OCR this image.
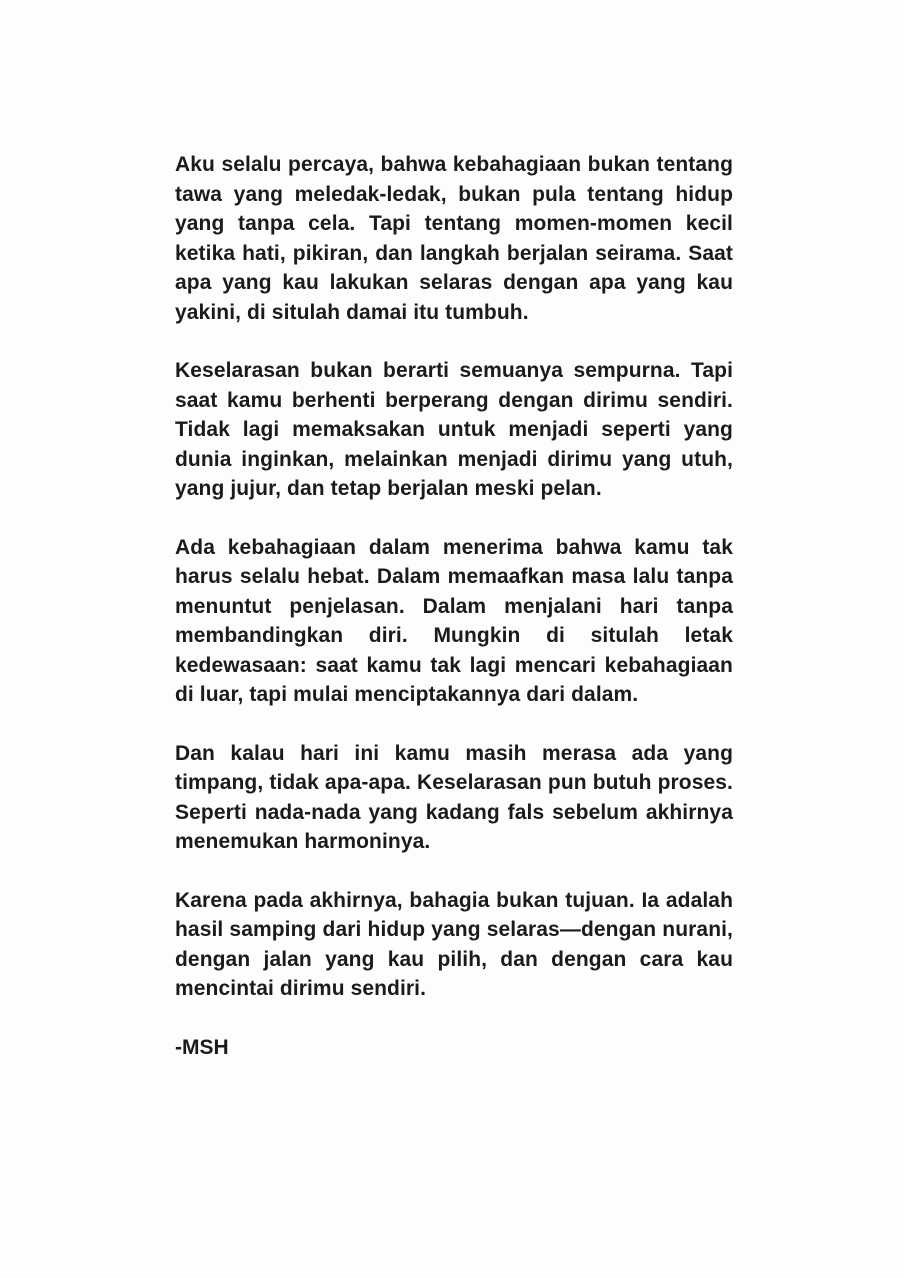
Aku selalu percaya, bahwa kebahagiaan bukan tentang tawa yang meledak-ledak, bukan pula tentang hidup yang tanpa cela. Tapi tentang momen-momen kecil ketika hati, pikiran, dan langkah berjalan seirama. Saat apa yang kau lakukan selaras dengan apa yang kau yakini, di situlah damai itu tumbuh.

Keselarasan bukan berarti semuanya sempurna. Tapi saat kamu berhenti berperang dengan dirimu sendiri. Tidak lagi memaksakan untuk menjadi seperti yang dunia inginkan, melainkan menjadi dirimu yang utuh, yang jujur, dan tetap berjalan meski pelan.

Ada kebahagiaan dalam menerima bahwa kamu tak harus selalu hebat. Dalam memaafkan masa lalu tanpa menuntut penjelasan. Dalam menjalani hari tanpa membandingkan diri. Mungkin di situlah letak kedewasaan: saat kamu tak lagi mencari kebahagiaan di luar, tapi mulai menciptakannya dari dalam.

Dan kalau hari ini kamu masih merasa ada yang timpang, tidak apa-apa. Keselarasan pun butuh proses. Seperti nada-nada yang kadang fals sebelum akhirnya menemukan harmoninya.

Karena pada akhirnya, bahagia bukan tujuan. Ia adalah hasil samping dari hidup yang selaras—dengan nurani, dengan jalan yang kau pilih, dan dengan cara kau mencintai dirimu sendiri.

-MSH
